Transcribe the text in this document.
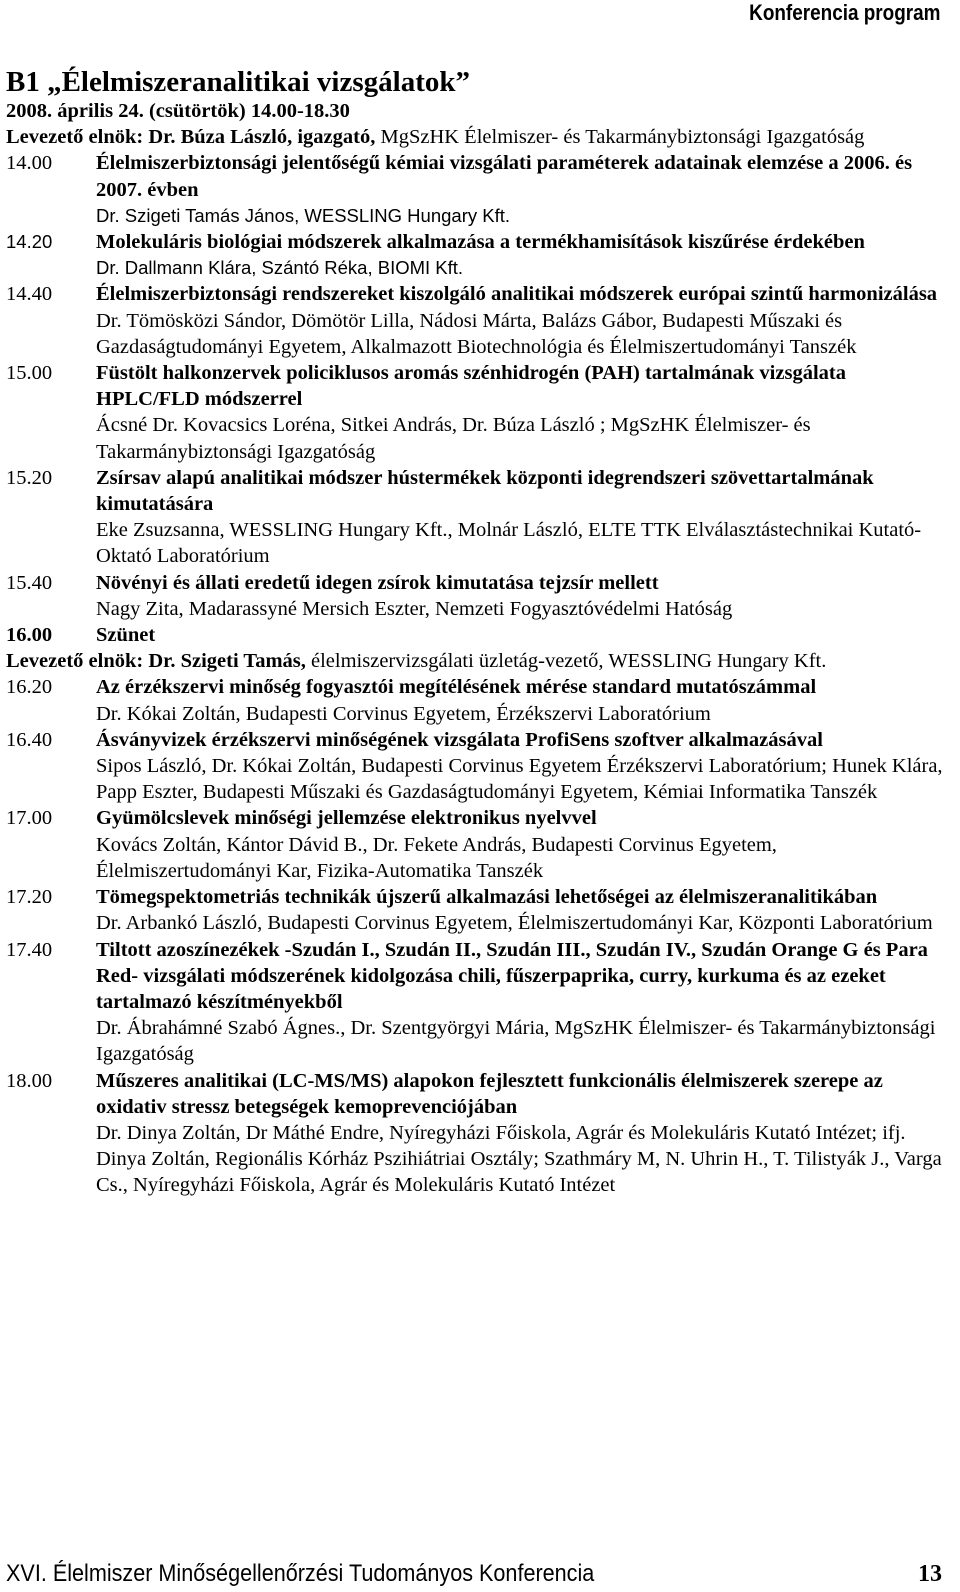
Konferencia program
B1 „Élelmiszeranalitikai vizsgálatok”
2008. április 24. (csütörtök) 14.00-18.30
Levezető elnök: Dr. Búza László, igazgató, MgSzHK Élelmiszer- és Takarmánybiztonsági Igazgatóság
14.00	Élelmiszerbiztonsági jelentőségű kémiai vizsgálati paraméterek adatainak elemzése a 2006. és 2007. évben
Dr. Szigeti Tamás János, WESSLING Hungary Kft.
14.20	Molekuláris biológiai módszerek alkalmazása a termékhamisítások kiszűrése érdekében
Dr. Dallmann Klára, Szántó Réka, BIOMI Kft.
14.40	Élelmiszerbiztonsági rendszereket kiszolgáló analitikai módszerek európai szintű harmonizálása
Dr. Tömösközi Sándor, Dömötör Lilla, Nádosi Márta, Balázs Gábor, Budapesti Műszaki és Gazdaságtudományi Egyetem, Alkalmazott Biotechnológia és Élelmiszertudományi Tanszék
15.00	Füstölt halkonzervek policiklusos aromás szénhidrogén (PAH) tartalmának vizsgálata HPLC/FLD módszerrel
Ácsné Dr. Kovacsics Loréna, Sitkei András, Dr. Búza László ; MgSzHK Élelmiszer- és Takarmánybiztonsági Igazgatóság
15.20	Zsírsav alapú analitikai módszer hústermékek központi idegrendszeri szövettartalmának kimutatására
Eke Zsuzsanna, WESSLING Hungary Kft., Molnár László, ELTE TTK Elválasztástechnikai Kutató-Oktató Laboratórium
15.40	Növényi és állati eredetű idegen zsírok kimutatása tejzsír mellett
Nagy Zita, Madarassyné Mersich Eszter, Nemzeti Fogyasztóvédelmi Hatóság
16.00	Szünet
Levezető elnök: Dr. Szigeti Tamás, élelmiszervizsgálati üzletág-vezető, WESSLING Hungary Kft.
16.20	Az érzékszervi minőség fogyasztói megítélésének mérése standard mutatószámmal
Dr. Kókai Zoltán, Budapesti Corvinus Egyetem, Érzékszervi Laboratórium
16.40	Ásványvizek érzékszervi minőségének vizsgálata ProfiSens szoftver alkalmazásával
Sipos László, Dr. Kókai Zoltán, Budapesti Corvinus Egyetem Érzékszervi Laboratórium; Hunek Klára, Papp Eszter, Budapesti Műszaki és Gazdaságtudományi Egyetem, Kémiai Informatika Tanszék
17.00	Gyümölcslevek minőségi jellemzése elektronikus nyelvvel
Kovács Zoltán, Kántor Dávid B., Dr. Fekete András, Budapesti Corvinus Egyetem, Élelmiszertudományi Kar, Fizika-Automatika Tanszék
17.20	Tömegspektometriás technikák újszerű alkalmazási lehetőségei az élelmiszeranalitikában
Dr. Arbankó László, Budapesti Corvinus Egyetem, Élelmiszertudományi Kar, Központi Laboratórium
17.40	Tiltott azoszínezékek -Szudán I., Szudán II., Szudán III., Szudán IV., Szudán Orange G és Para Red- vizsgálati módszerének kidolgozása chili, fűszerpaprika, curry, kurkuma és az ezeket tartalmazó készítményekből
Dr. Ábrahámné Szabó Ágnes., Dr. Szentgyörgyi Mária, MgSzHK Élelmiszer- és Takarmánybiztonsági Igazgatóság
18.00	Műszeres analitikai (LC-MS/MS) alapokon fejlesztett funkcionális élelmiszerek szerepe az oxidativ stressz betegségek kemoprevenciójában
Dr. Dinya Zoltán, Dr Máthé Endre, Nyíregyházi Főiskola, Agrár és Molekuláris Kutató Intézet; ifj. Dinya Zoltán, Regionális Kórház Pszihiátriai Osztály; Szathmáry M, N. Uhrin H., T. Tilistyák J., Varga Cs., Nyíregyházi Főiskola, Agrár és Molekuláris Kutató Intézet
XVI. Élelmiszer Minőségellenőrzési Tudományos Konferencia	13
